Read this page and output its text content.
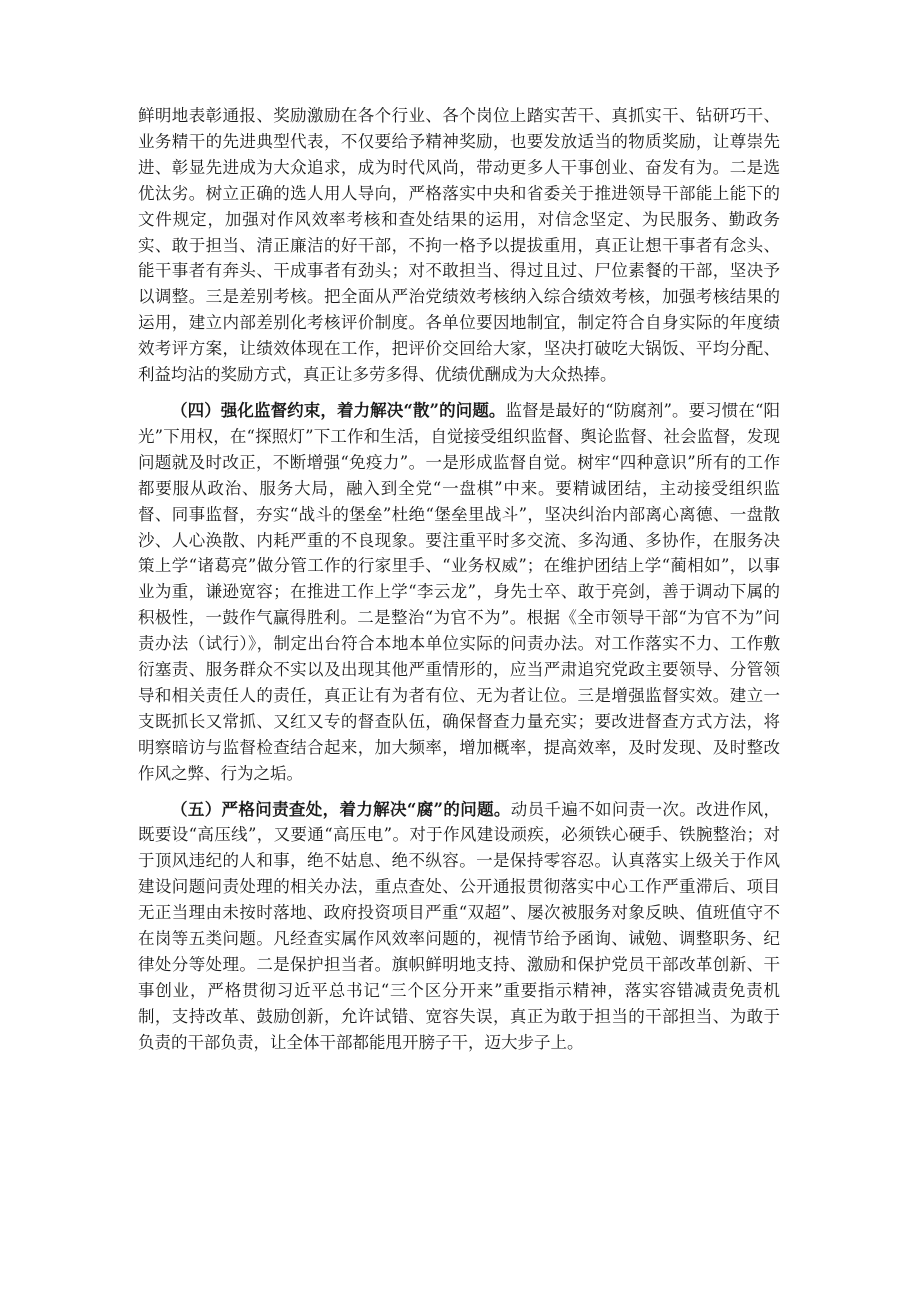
鲜明地表彰通报、奖励激励在各个行业、各个岗位上踏实苦干、真抓实干、钻研巧干、业务精干的先进典型代表，不仅要给予精神奖励，也要发放适当的物质奖励，让尊崇先进、彰显先进成为大众追求，成为时代风尚，带动更多人干事创业、奋发有为。二是选优汰劣。树立正确的选人用人导向，严格落实中央和省委关于推进领导干部能上能下的文件规定，加强对作风效率考核和查处结果的运用，对信念坚定、为民服务、勤政务实、敢于担当、清正廉洁的好干部，不拘一格予以提拔重用，真正让想干事者有念头、能干事者有奔头、干成事者有劲头；对不敢担当、得过且过、尸位素餐的干部，坚决予以调整。三是差别考核。把全面从严治党绩效考核纳入综合绩效考核，加强考核结果的运用，建立内部差别化考核评价制度。各单位要因地制宜，制定符合自身实际的年度绩效考评方案，让绩效体现在工作，把评价交回给大家，坚决打破吃大锅饭、平均分配、利益均沾的奖励方式，真正让多劳多得、优绩优酬成为大众热捧。

（四）强化监督约束，着力解决“散”的问题。监督是最好的“防腐剂”。要习惯在“阳光”下用权，在“探照灯”下工作和生活，自觉接受组织监督、舆论监督、社会监督，发现问题就及时改正，不断增强“免疫力”。一是形成监督自觉。树牢“四种意识”所有的工作都要服从政治、服务大局，融入到全党“一盘棋”中来。要精诚团结，主动接受组织监督、同事监督，夯实“战斗的堡垒”杜绝“堡垒里战斗”，坚决纠治内部离心离德、一盘散沙、人心涣散、内耗严重的不良现象。要注重平时多交流、多沟通、多协作，在服务决策上学“诸葛亮”做分管工作的行家里手、“业务权威”；在维护团结上学“蔺相如”，以事业为重，谦逊宽容；在推进工作上学“李云龙”，身先士卒、敢于亮剑，善于调动下属的积极性，一鼓作气赢得胜利。二是整治“为官不为”。根据《全市领导干部“为官不为”问责办法（试行）》，制定出台符合本地本单位实际的问责办法。对工作落实不力、工作敷衍塞责、服务群众不实以及出现其他严重情形的，应当严肃追究党政主要领导、分管领导和相关责任人的责任，真正让有为者有位、无为者让位。三是增强监督实效。建立一支既抓长又常抓、又红又专的督查队伍，确保督查力量充实；要改进督查方式方法，将明察暗访与监督检查结合起来，加大频率，增加概率，提高效率，及时发现、及时整改作风之弊、行为之垢。

（五）严格问责查处，着力解决“腐”的问题。动员千遍不如问责一次。改进作风，既要设“高压线”，又要通“高压电”。对于作风建设顽疾，必须铁心硬手、铁腕整治；对于顶风违纪的人和事，绝不姑息、绝不纵容。一是保持零容忍。认真落实上级关于作风建设问题问责处理的相关办法，重点查处、公开通报贯彻落实中心工作严重滞后、项目无正当理由未按时落地、政府投资项目严重“双超”、屡次被服务对象反映、值班值守不在岗等五类问题。凡经查实属作风效率问题的，视情节给予函询、诫勉、调整职务、纪律处分等处理。二是保护担当者。旗帜鲜明地支持、激励和保护党员干部改革创新、干事创业，严格贯彻习近平总书记“三个区分开来”重要指示精神，落实容错减责免责机制，支持改革、鼓励创新，允许试错、宽容失误，真正为敢于担当的干部担当、为敢于负责的干部负责，让全体干部都能甩开膀子干，迈大步子上。
